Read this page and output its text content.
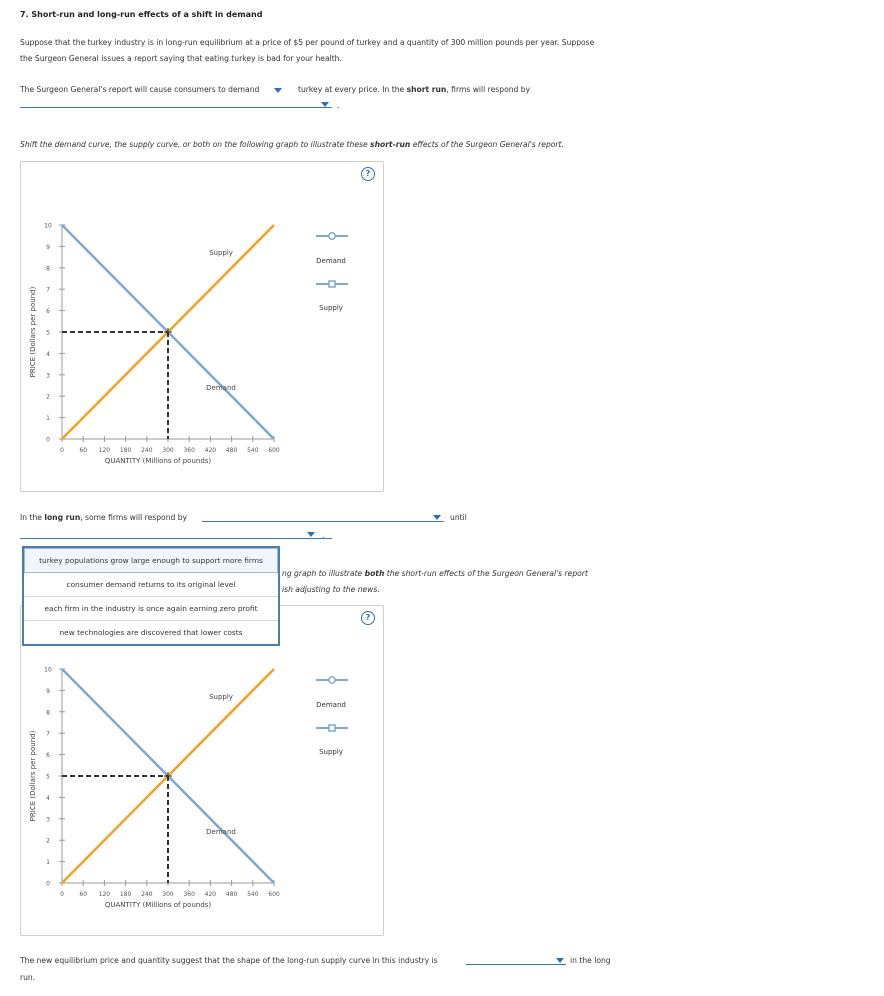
7. Short-run and long-run effects of a shift in demand
Suppose that the turkey industry is in long-run equilibrium at a price of $5 per pound of turkey and a quantity of 300 million pounds per year. Suppose
the Surgeon General issues a report saying that eating turkey is bad for your health.
The Surgeon General's report will cause consumers to demand	turkey at every price. In the short run, firms will respond by
.
Shift the demand curve, the supply curve, or both on the following graph to illustrate these short-run effects of the Surgeon General's report.
?
0
1
2
3
4
5
6
7
8
9
10
0	60 120 180 240 300 360 420 480 540 600
QUANTITY (Millions of pounds)
PRICE (Dollars per pound)
Supply
Demand
Demand
Supply
In the long run, some firms will respond by	until
.
ng graph to illustrate both the short-run effects of the Surgeon General's report
ish adjusting to the news.
?
0
1
2
3
4
5
6
7
8
9
10
0	60 120 180 240 300 360 420 480 540 600
QUANTITY (Millions of pounds)
PRICE (Dollars per pound)
Supply
Demand
Demand
Supply
turkey populations grow large enough to support more firms
consumer demand returns to its original level
each firm in the industry is once again earning zero profit
new technologies are discovered that lower costs
The new equilibrium price and quantity suggest that the shape of the long-run supply curve in this industry is	in the long
run.
